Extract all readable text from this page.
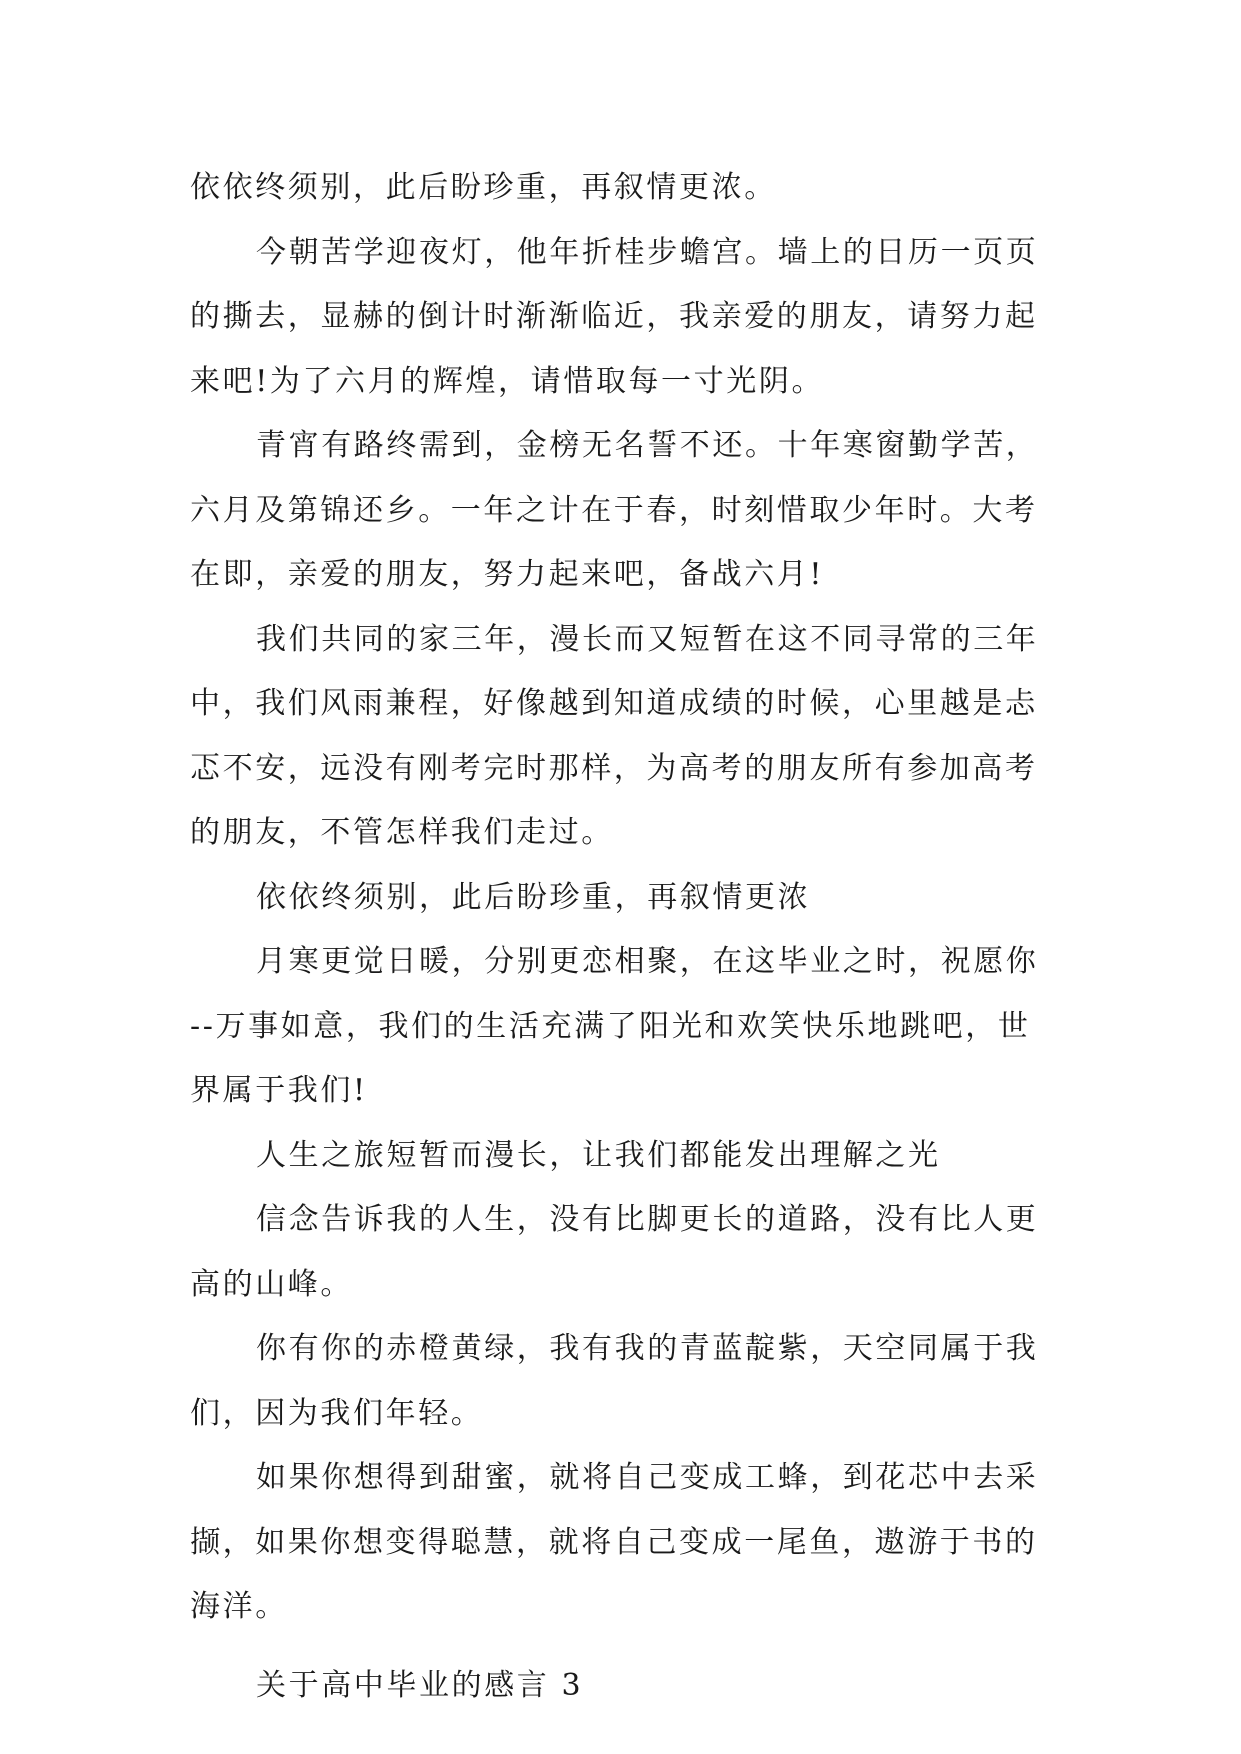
依依终须别，此后盼珍重，再叙情更浓。
今朝苦学迎夜灯，他年折桂步蟾宫。墙上的日历一页页
的撕去，显赫的倒计时渐渐临近，我亲爱的朋友，请努力起
来吧!为了六月的辉煌，请惜取每一寸光阴。
青宵有路终需到，金榜无名誓不还。十年寒窗勤学苦，
六月及第锦还乡。一年之计在于春，时刻惜取少年时。大考
在即，亲爱的朋友，努力起来吧，备战六月!
我们共同的家三年，漫长而又短暂在这不同寻常的三年
中，我们风雨兼程，好像越到知道成绩的时候，心里越是忐
忑不安，远没有刚考完时那样，为高考的朋友所有参加高考
的朋友，不管怎样我们走过。
依依终须别，此后盼珍重，再叙情更浓
月寒更觉日暖，分别更恋相聚，在这毕业之时，祝愿你
--万事如意，我们的生活充满了阳光和欢笑快乐地跳吧，世
界属于我们!
人生之旅短暂而漫长，让我们都能发出理解之光
信念告诉我的人生，没有比脚更长的道路，没有比人更
高的山峰。
你有你的赤橙黄绿，我有我的青蓝靛紫，天空同属于我
们，因为我们年轻。
如果你想得到甜蜜，就将自己变成工蜂，到花芯中去采
撷，如果你想变得聪慧，就将自己变成一尾鱼，遨游于书的
海洋。
关于高中毕业的感言 3
